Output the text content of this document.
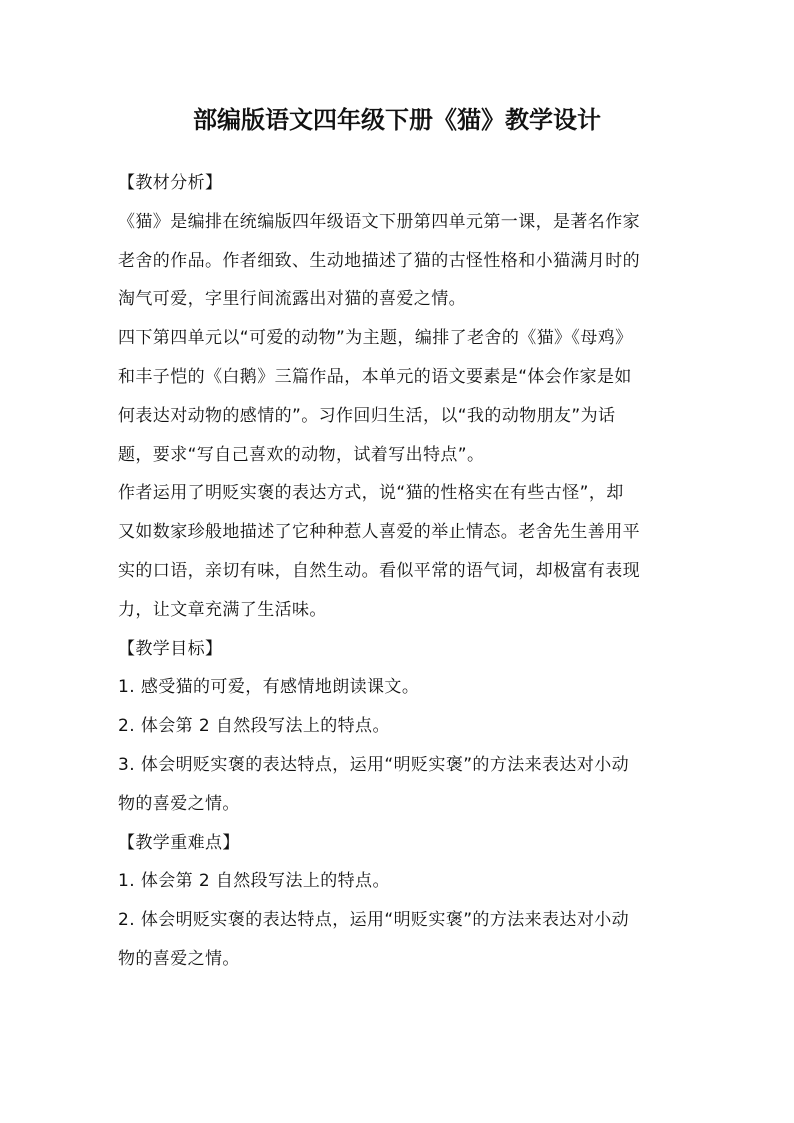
部编版语文四年级下册《猫》教学设计
【教材分析】
《猫》是编排在统编版四年级语文下册第四单元第一课，是著名作家
老舍的作品。作者细致、生动地描述了猫的古怪性格和小猫满月时的
淘气可爱，字里行间流露出对猫的喜爱之情。
四下第四单元以“可爱的动物”为主题，编排了老舍的《猫》《母鸡》
和丰子恺的《白鹅》三篇作品，本单元的语文要素是“体会作家是如
何表达对动物的感情的”。习作回归生活，以“我的动物朋友”为话
题，要求“写自己喜欢的动物，试着写出特点”。
作者运用了明贬实褒的表达方式，说“猫的性格实在有些古怪”，却
又如数家珍般地描述了它种种惹人喜爱的举止情态。老舍先生善用平
实的口语，亲切有味，自然生动。看似平常的语气词，却极富有表现
力，让文章充满了生活味。
【教学目标】
1. 感受猫的可爱，有感情地朗读课文。
2. 体会第 2 自然段写法上的特点。
3. 体会明贬实褒的表达特点，运用“明贬实褒”的方法来表达对小动
物的喜爱之情。
【教学重难点】
1. 体会第 2 自然段写法上的特点。
2. 体会明贬实褒的表达特点，运用“明贬实褒”的方法来表达对小动
物的喜爱之情。
